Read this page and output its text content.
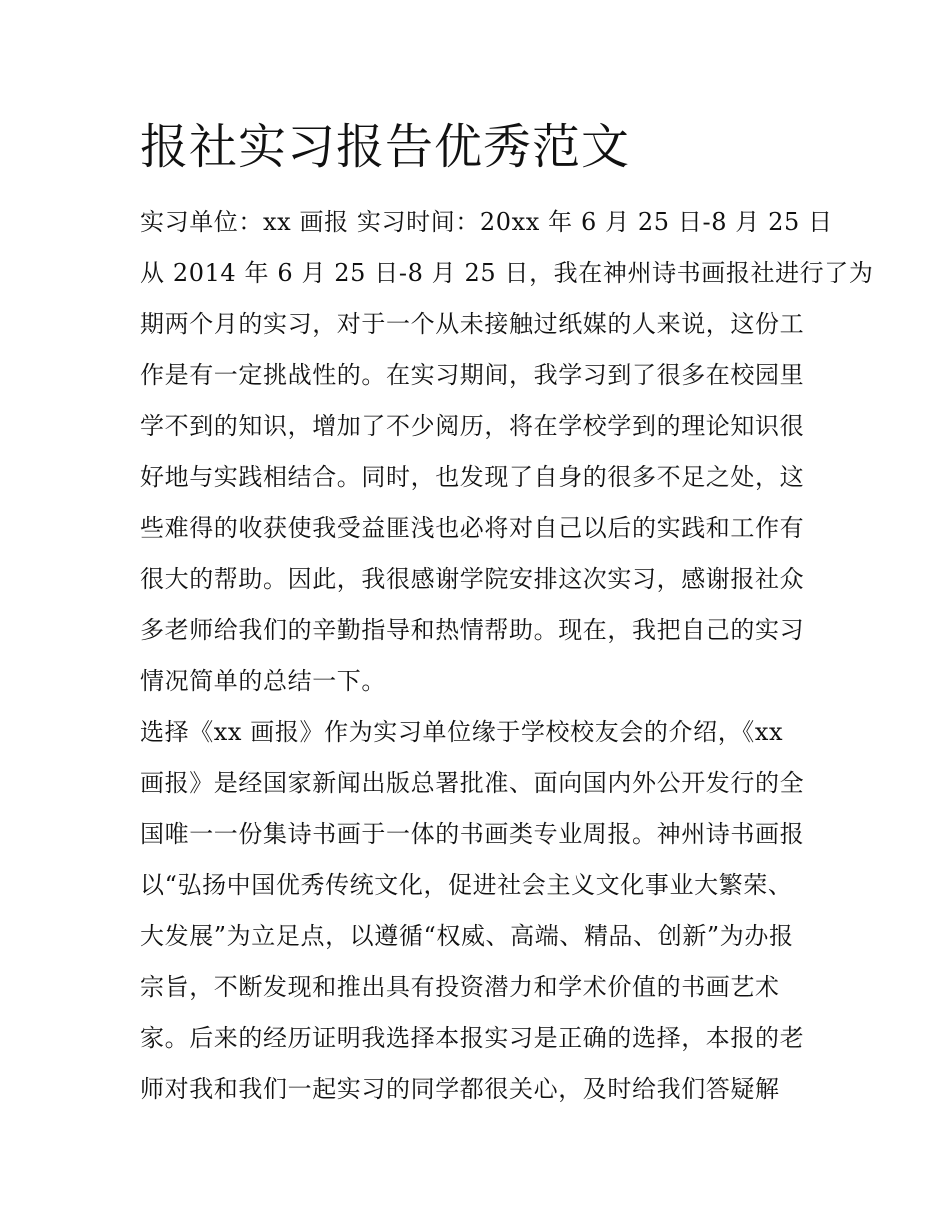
报社实习报告优秀范文
实习单位：xx 画报 实习时间：20xx 年 6 月 25 日-8 月 25 日
从 2014 年 6 月 25 日-8 月 25 日，我在神州诗书画报社进行了为
期两个月的实习，对于一个从未接触过纸媒的人来说，这份工
作是有一定挑战性的。在实习期间，我学习到了很多在校园里
学不到的知识，增加了不少阅历，将在学校学到的理论知识很
好地与实践相结合。同时，也发现了自身的很多不足之处，这
些难得的收获使我受益匪浅也必将对自己以后的实践和工作有
很大的帮助。因此，我很感谢学院安排这次实习，感谢报社众
多老师给我们的辛勤指导和热情帮助。现在，我把自己的实习
情况简单的总结一下。
选择《xx 画报》作为实习单位缘于学校校友会的介绍，《xx
画报》是经国家新闻出版总署批准、面向国内外公开发行的全
国唯一一份集诗书画于一体的书画类专业周报。神州诗书画报
以“弘扬中国优秀传统文化，促进社会主义文化事业大繁荣、
大发展”为立足点，以遵循“权威、高端、精品、创新”为办报
宗旨，不断发现和推出具有投资潜力和学术价值的书画艺术
家。后来的经历证明我选择本报实习是正确的选择，本报的老
师对我和我们一起实习的同学都很关心，及时给我们答疑解
